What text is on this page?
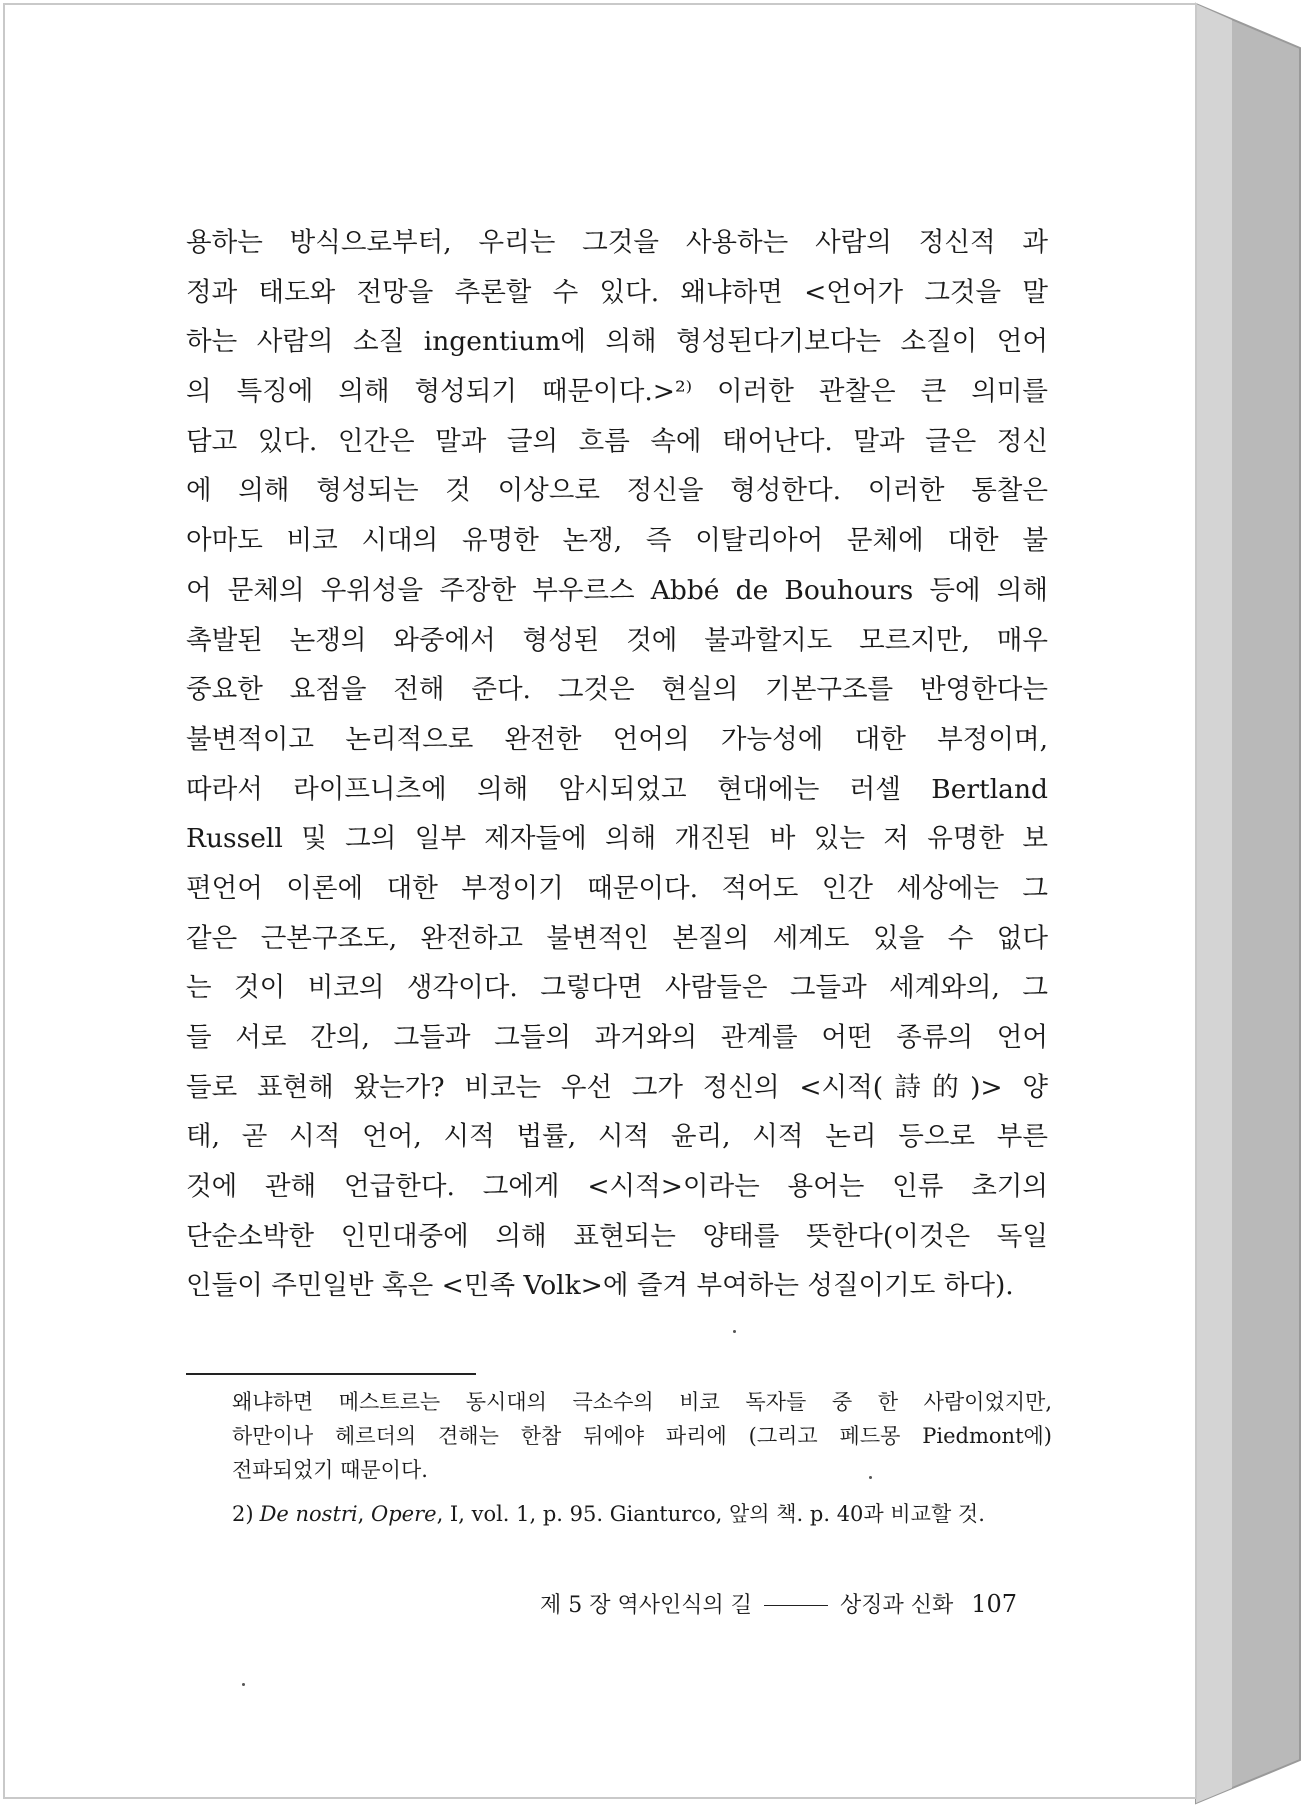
용하는 방식으로부터, 우리는 그것을 사용하는 사람의 정신적 과
정과 태도와 전망을 추론할 수 있다. 왜냐하면 <언어가 그것을 말
하는 사람의 소질 ingentium에 의해 형성된다기보다는 소질이 언어
의 특징에 의해 형성되기 때문이다.>²⁾ 이러한 관찰은 큰 의미를
담고 있다. 인간은 말과 글의 흐름 속에 태어난다. 말과 글은 정신
에 의해 형성되는 것 이상으로 정신을 형성한다. 이러한 통찰은
아마도 비코 시대의 유명한 논쟁, 즉 이탈리아어 문체에 대한 불
어 문체의 우위성을 주장한 부우르스 Abbé de Bouhours 등에 의해
촉발된 논쟁의 와중에서 형성된 것에 불과할지도 모르지만, 매우
중요한 요점을 전해 준다. 그것은 현실의 기본구조를 반영한다는
불변적이고 논리적으로 완전한 언어의 가능성에 대한 부정이며,
따라서 라이프니츠에 의해 암시되었고 현대에는 러셀 Bertland
Russell 및 그의 일부 제자들에 의해 개진된 바 있는 저 유명한 보
편언어 이론에 대한 부정이기 때문이다. 적어도 인간 세상에는 그
같은 근본구조도, 완전하고 불변적인 본질의 세계도 있을 수 없다
는 것이 비코의 생각이다. 그렇다면 사람들은 그들과 세계와의, 그
들 서로 간의, 그들과 그들의 과거와의 관계를 어떤 종류의 언어
들로 표현해 왔는가? 비코는 우선 그가 정신의 <시적(詩的)> 양
태, 곧 시적 언어, 시적 법률, 시적 윤리, 시적 논리 등으로 부른
것에 관해 언급한다. 그에게 <시적>이라는 용어는 인류 초기의
단순소박한 인민대중에 의해 표현되는 양태를 뜻한다(이것은 독일
인들이 주민일반 혹은 <민족 Volk>에 즐겨 부여하는 성질이기도 하다).
왜냐하면 메스트르는 동시대의 극소수의 비코 독자들 중 한 사람이었지만,
하만이나 헤르더의 견해는 한참 뒤에야 파리에 (그리고 페드몽 Piedmont에)
전파되었기 때문이다.
2) De nostri, Opere, I, vol. 1, p. 95. Gianturco, 앞의 책. p. 40과 비교할 것.
제 5 장 역사인식의 길	상징과 신화 107
